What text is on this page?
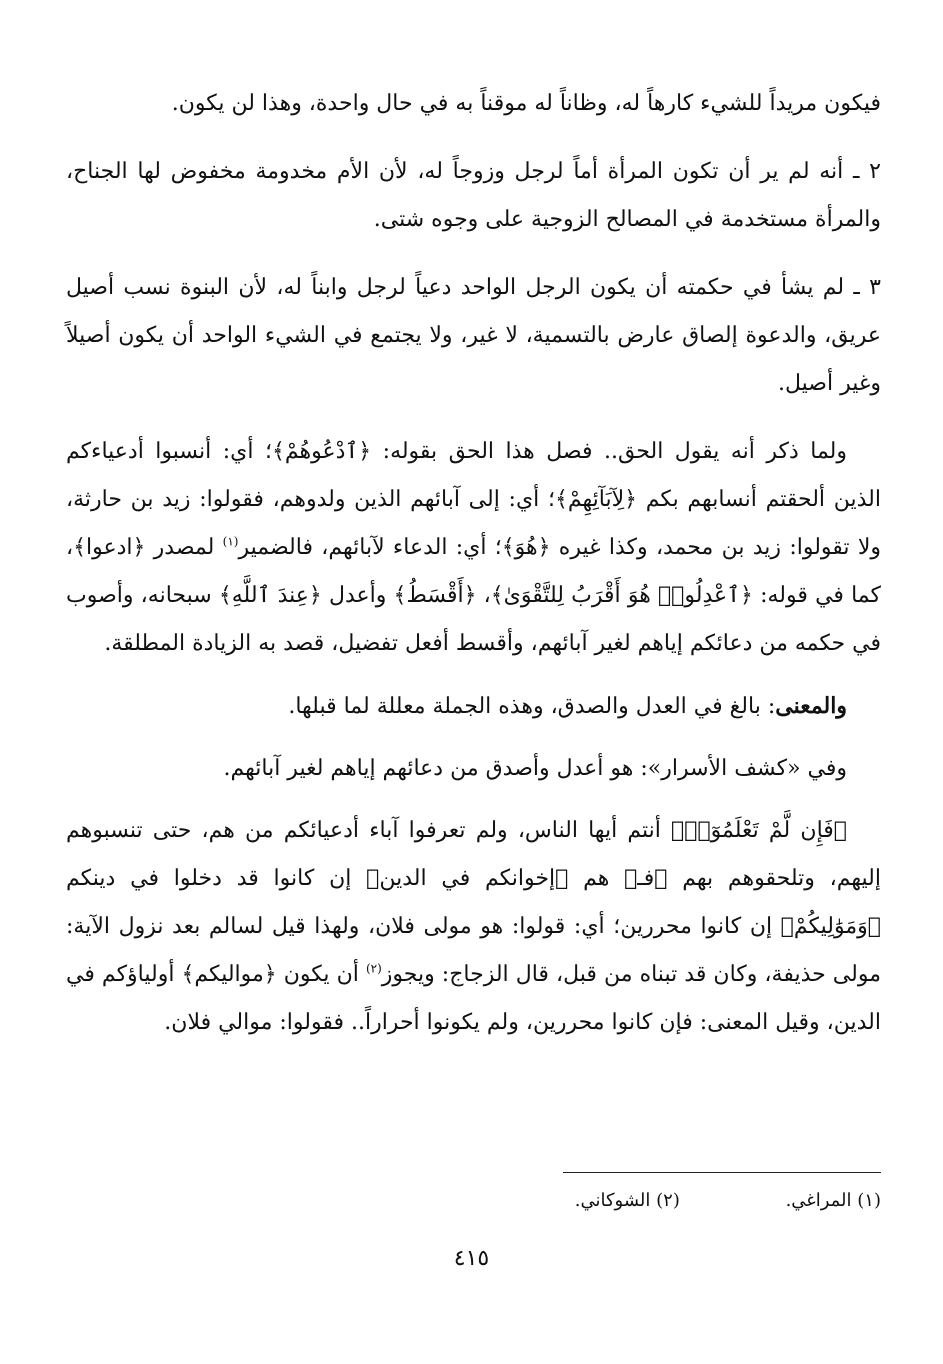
فيكون مريداً للشيء كارهاً له، وظاناً له موقناً به في حال واحدة، وهذا لن يكون.

٢ ـ أنه لم ير أن تكون المرأة أماً لرجل وزوجاً له، لأن الأم مخدومة مخفوض لها الجناح، والمرأة مستخدمة في المصالح الزوجية على وجوه شتى.

٣ ـ لم يشأ في حكمته أن يكون الرجل الواحد دعياً لرجل وابناً له، لأن البنوة نسب أصيل عريق، والدعوة إلصاق عارض بالتسمية، لا غير، ولا يجتمع في الشيء الواحد أن يكون أصيلاً وغير أصيل.

ولما ذكر أنه يقول الحق.. فصل هذا الحق بقوله: ﴿ٱدْعُوهُمْ﴾؛ أي: أنسبوا أدعياءكم الذين ألحقتم أنسابهم بكم ﴿لِآبَآئِهِمْ﴾؛ أي: إلى آبائهم الذين ولدوهم، فقولوا: زيد بن حارثة، ولا تقولوا: زيد بن محمد، وكذا غيره ﴿هُوَ﴾؛ أي: الدعاء لآبائهم، فالضمير$^{(١)}$ لمصدر ﴿ادعوا﴾، كما في قوله: ﴿ٱعْدِلُوا۟ هُوَ أَقْرَبُ لِلتَّقْوَىٰ﴾، ﴿أَقْسَطُ﴾ وأعدل ﴿عِندَ ٱللَّهِ﴾ سبحانه، وأصوب في حكمه من دعائكم إياهم لغير آبائهم، وأقسط أفعل تفضيل، قصد به الزيادة المطلقة.

والمعنى: بالغ في العدل والصدق، وهذه الجملة معللة لما قبلها.

وفي «كشف الأسرار»: هو أعدل وأصدق من دعائهم إياهم لغير آبائهم.

﴿فَإِن لَّمْ تَعْلَمُوٓا۟﴾ أنتم أيها الناس، ولم تعرفوا آباء أدعيائكم من هم، حتى تنسبوهم إليهم، وتلحقوهم بهم ﴿فـ﴾ هم ﴿إخوانكم في الدين﴾ إن كانوا قد دخلوا في دينكم ﴿وَمَوَٰلِيكُمْ﴾ إن كانوا محررين؛ أي: قولوا: هو مولى فلان، ولهذا قيل لسالم بعد نزول الآية: مولى حذيفة، وكان قد تبناه من قبل، قال الزجاج: ويجوز$^{(٢)}$ أن يكون ﴿مواليكم﴾ أولياؤكم في الدين، وقيل المعنى: فإن كانوا محررين، ولم يكونوا أحراراً.. فقولوا: موالي فلان.

(١) المراغي. (٢) الشوكاني.
٤١٥
